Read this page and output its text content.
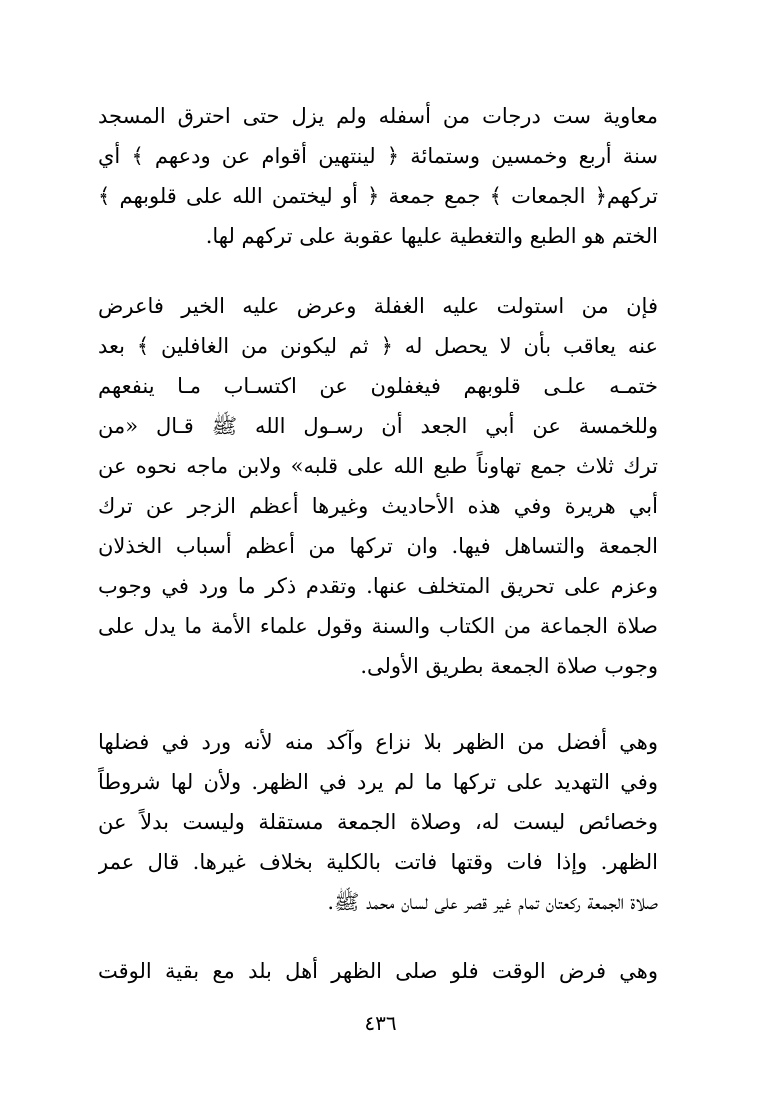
معاوية ست درجات من أسفله ولم يزل حتى احترق المسجد
سنة أربع وخمسين وستمائة ﴿ لينتهين أقوام عن ودعهم ﴾ أي
تركهم﴿ الجمعات ﴾ جمع جمعة ﴿ أو ليختمن الله على قلوبهم ﴾
الختم هو الطبع والتغطية عليها عقوبة على تركهم لها.
فإن من استولت عليه الغفلة وعرض عليه الخير فاعرض
عنه يعاقب بأن لا يحصل له ﴿ ثم ليكونن من الغافلين ﴾ بعد
ختمـه علـى قلوبهم فيغفلون عن اكتسـاب مـا ينفعهم
وللخمسة عن أبي الجعد أن رسـول الله ﷺ قـال «من
ترك ثلاث جمع تهاوناً طبع الله على قلبه» ولابن ماجه نحوه عن
أبي هريرة وفي هذه الأحاديث وغيرها أعظم الزجر عن ترك
الجمعة والتساهل فيها. وان تركها من أعظم أسباب الخذلان
وعزم على تحريق المتخلف عنها. وتقدم ذكر ما ورد في وجوب
صلاة الجماعة من الكتاب والسنة وقول علماء الأمة ما يدل على
وجوب صلاة الجمعة بطريق الأولى.
وهي أفضل من الظهر بلا نزاع وآكد منه لأنه ورد في فضلها
وفي التهديد على تركها ما لم يرد في الظهر. ولأن لها شروطاً
وخصائص ليست له، وصلاة الجمعة مستقلة وليست بدلاً عن
الظهر. وإذا فات وقتها فاتت بالكلية بخلاف غيرها. قال عمر
صلاة الجمعة ركعتان تمام غير قصر على لسان محمد ﷺ.
وهي فرض الوقت فلو صلى الظهر أهل بلد مع بقية الوقت
٤٣٦
